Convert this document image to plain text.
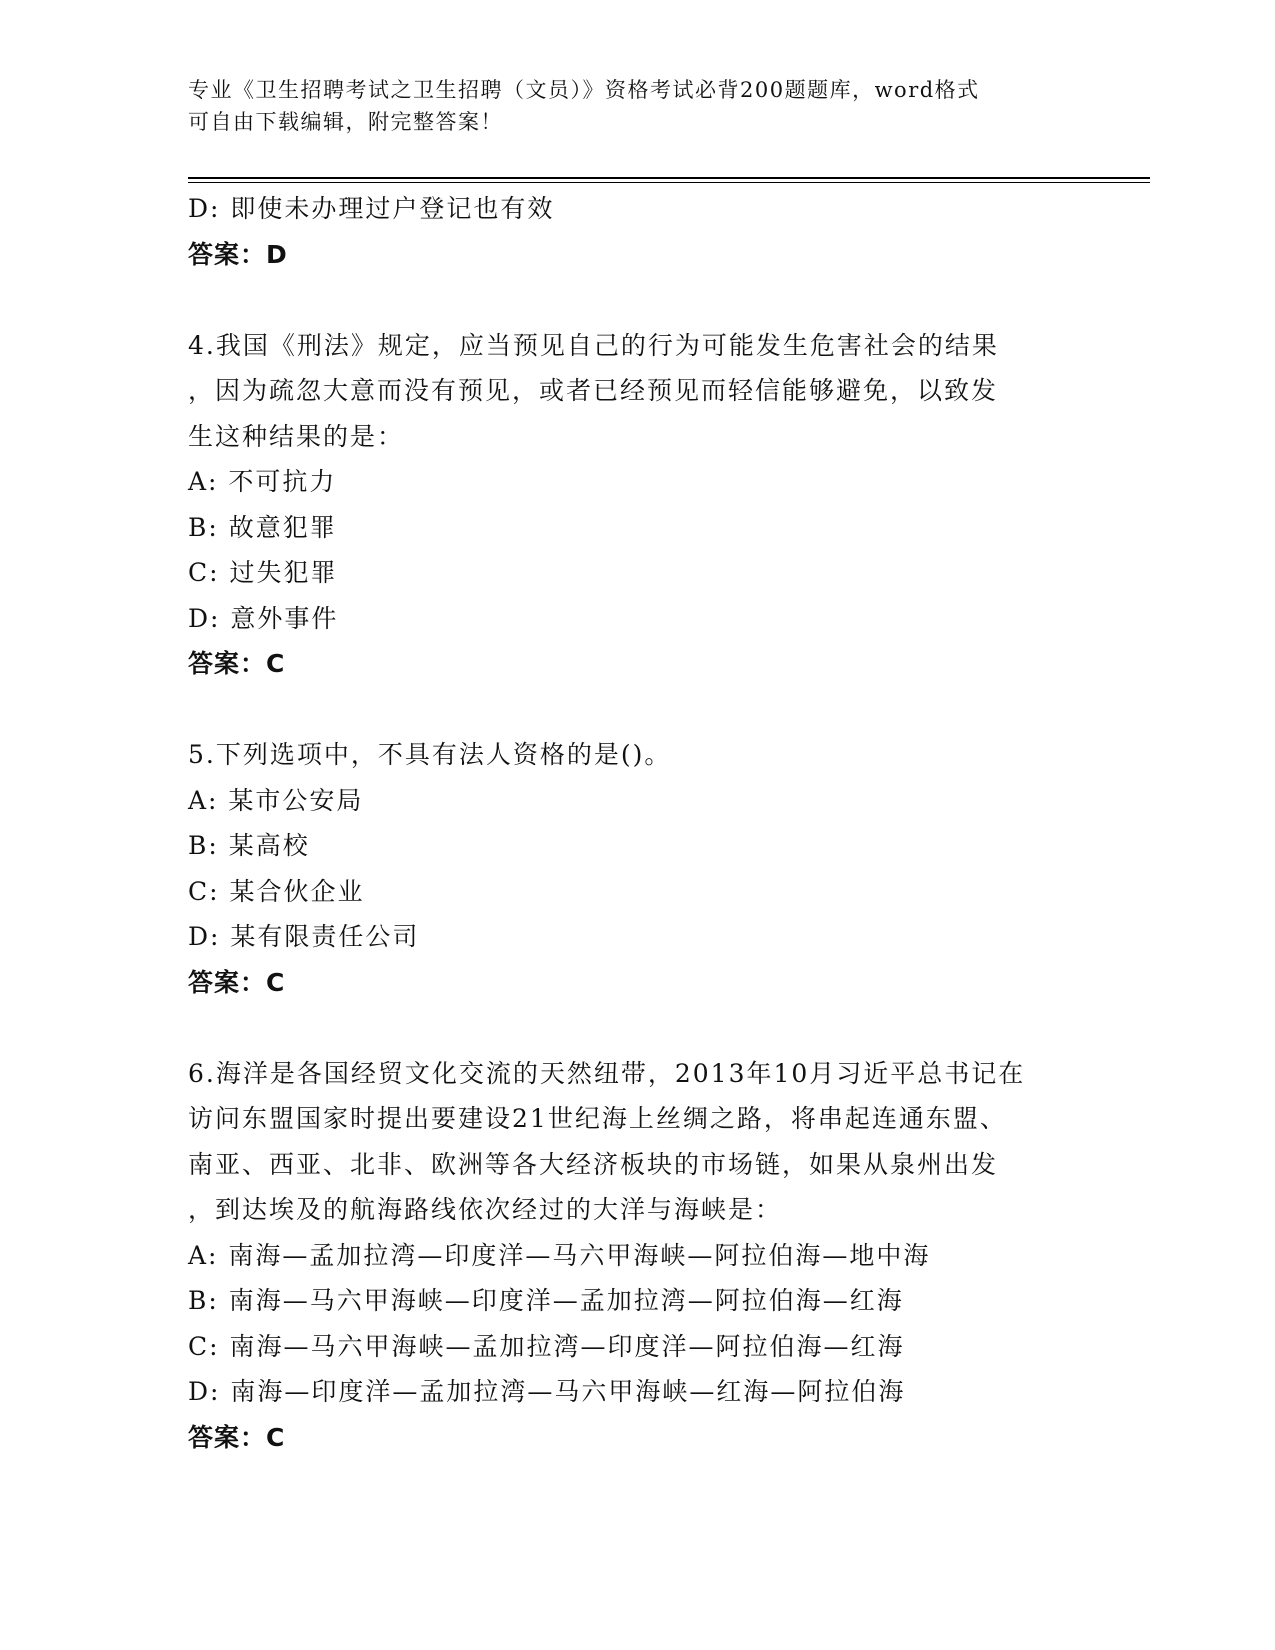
专业《卫生招聘考试之卫生招聘（文员）》资格考试必背200题题库，word格式
可自由下载编辑，附完整答案！
D: 即使未办理过户登记也有效
答案：D
4.我国《刑法》规定，应当预见自己的行为可能发生危害社会的结果
，因为疏忽大意而没有预见，或者已经预见而轻信能够避免，以致发
生这种结果的是：
A: 不可抗力
B: 故意犯罪
C: 过失犯罪
D: 意外事件
答案：C
5.下列选项中，不具有法人资格的是()。
A: 某市公安局
B: 某高校
C: 某合伙企业
D: 某有限责任公司
答案：C
6.海洋是各国经贸文化交流的天然纽带，2013年10月习近平总书记在
访问东盟国家时提出要建设21世纪海上丝绸之路，将串起连通东盟、
南亚、西亚、北非、欧洲等各大经济板块的市场链，如果从泉州出发
，到达埃及的航海路线依次经过的大洋与海峡是：
A: 南海—孟加拉湾—印度洋—马六甲海峡—阿拉伯海—地中海
B: 南海—马六甲海峡—印度洋—孟加拉湾—阿拉伯海—红海
C: 南海—马六甲海峡—孟加拉湾—印度洋—阿拉伯海—红海
D: 南海—印度洋—孟加拉湾—马六甲海峡—红海—阿拉伯海
答案：C
